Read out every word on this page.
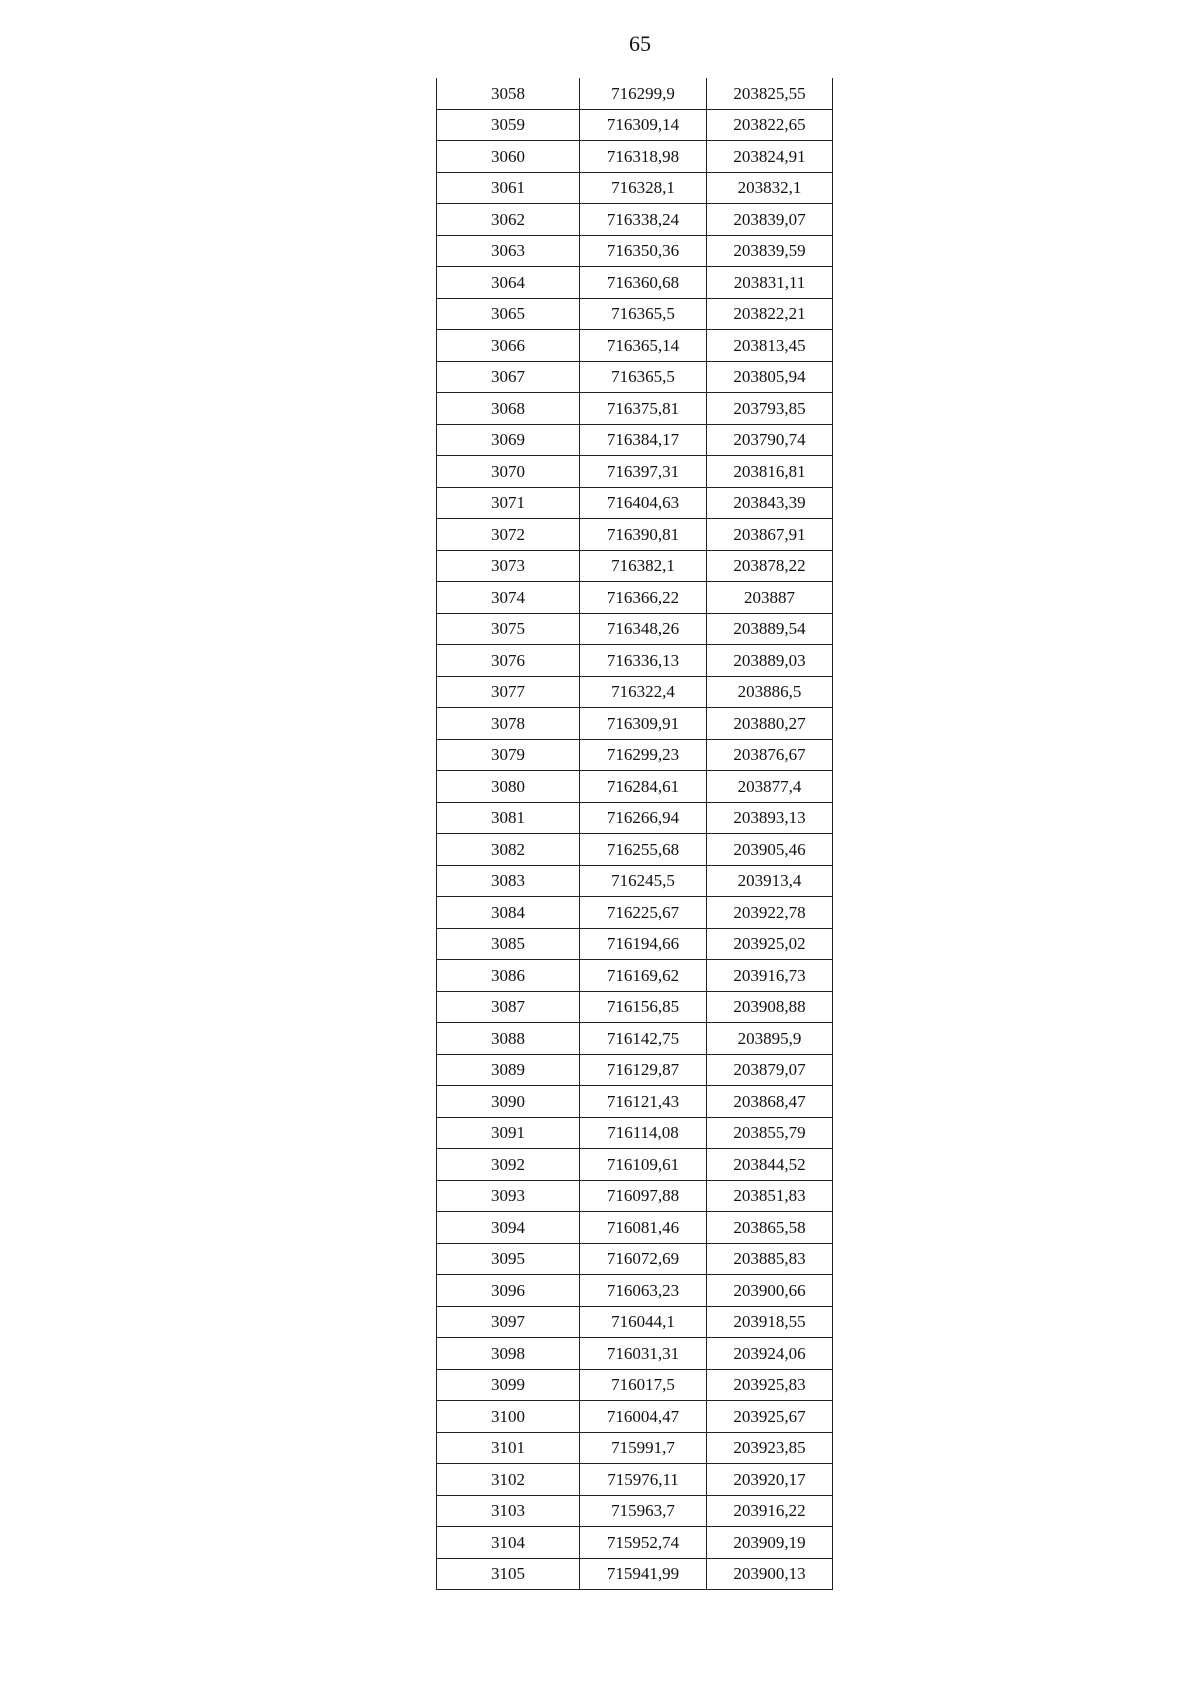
65
3058	716299,9	203825,55
3059	716309,14	203822,65
3060	716318,98	203824,91
3061	716328,1	203832,1
3062	716338,24	203839,07
3063	716350,36	203839,59
3064	716360,68	203831,11
3065	716365,5	203822,21
3066	716365,14	203813,45
3067	716365,5	203805,94
3068	716375,81	203793,85
3069	716384,17	203790,74
3070	716397,31	203816,81
3071	716404,63	203843,39
3072	716390,81	203867,91
3073	716382,1	203878,22
3074	716366,22	203887
3075	716348,26	203889,54
3076	716336,13	203889,03
3077	716322,4	203886,5
3078	716309,91	203880,27
3079	716299,23	203876,67
3080	716284,61	203877,4
3081	716266,94	203893,13
3082	716255,68	203905,46
3083	716245,5	203913,4
3084	716225,67	203922,78
3085	716194,66	203925,02
3086	716169,62	203916,73
3087	716156,85	203908,88
3088	716142,75	203895,9
3089	716129,87	203879,07
3090	716121,43	203868,47
3091	716114,08	203855,79
3092	716109,61	203844,52
3093	716097,88	203851,83
3094	716081,46	203865,58
3095	716072,69	203885,83
3096	716063,23	203900,66
3097	716044,1	203918,55
3098	716031,31	203924,06
3099	716017,5	203925,83
3100	716004,47	203925,67
3101	715991,7	203923,85
3102	715976,11	203920,17
3103	715963,7	203916,22
3104	715952,74	203909,19
3105	715941,99	203900,13
